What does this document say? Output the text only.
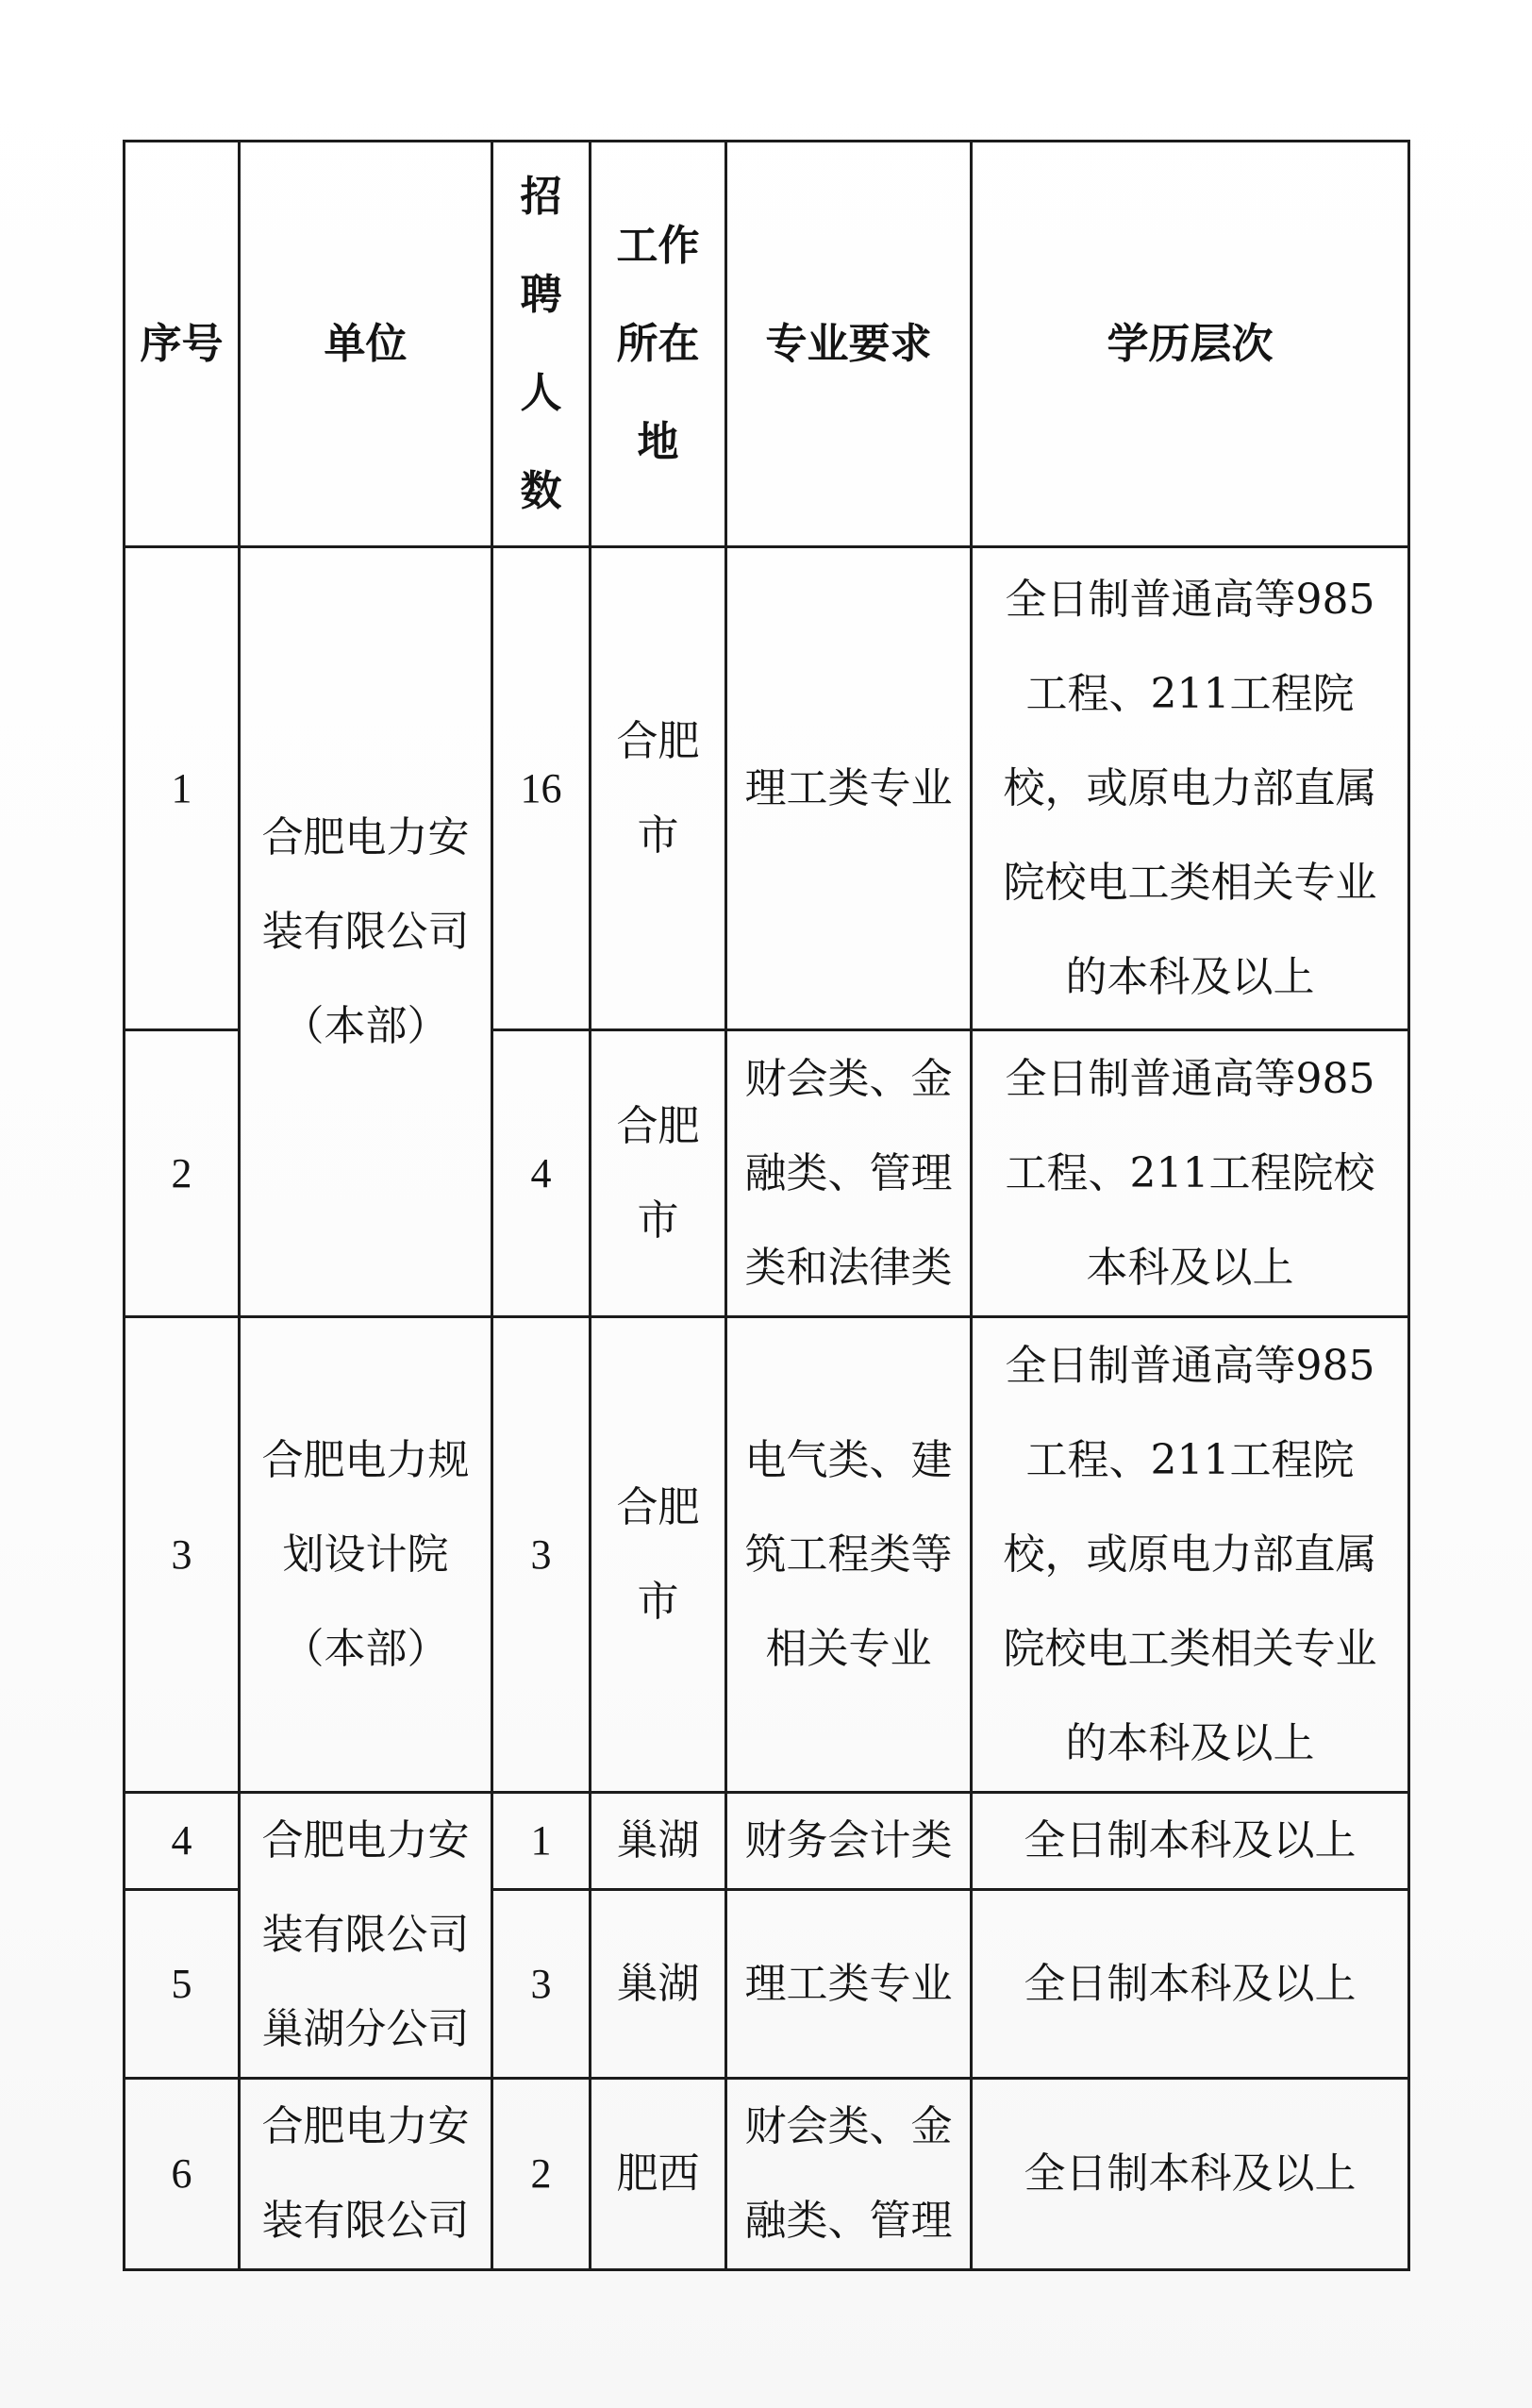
序号	单位	招聘人数	工作所在地	专业要求	学历层次
1	合肥电力安装有限公司（本部）	16	合肥市	理工类专业	全日制普通高等985工程、211工程院校，或原电力部直属院校电工类相关专业的本科及以上
2		4	合肥市	财会类、金融类、管理类和法律类	全日制普通高等985工程、211工程院校本科及以上
3	合肥电力规划设计院（本部）	3	合肥市	电气类、建筑工程类等相关专业	全日制普通高等985工程、211工程院校，或原电力部直属院校电工类相关专业的本科及以上
4	合肥电力安装有限公司巢湖分公司	1	巢湖	财务会计类	全日制本科及以上
5		3	巢湖	理工类专业	全日制本科及以上
6	合肥电力安装有限公司	2	肥西	财会类、金融类、管理	全日制本科及以上
